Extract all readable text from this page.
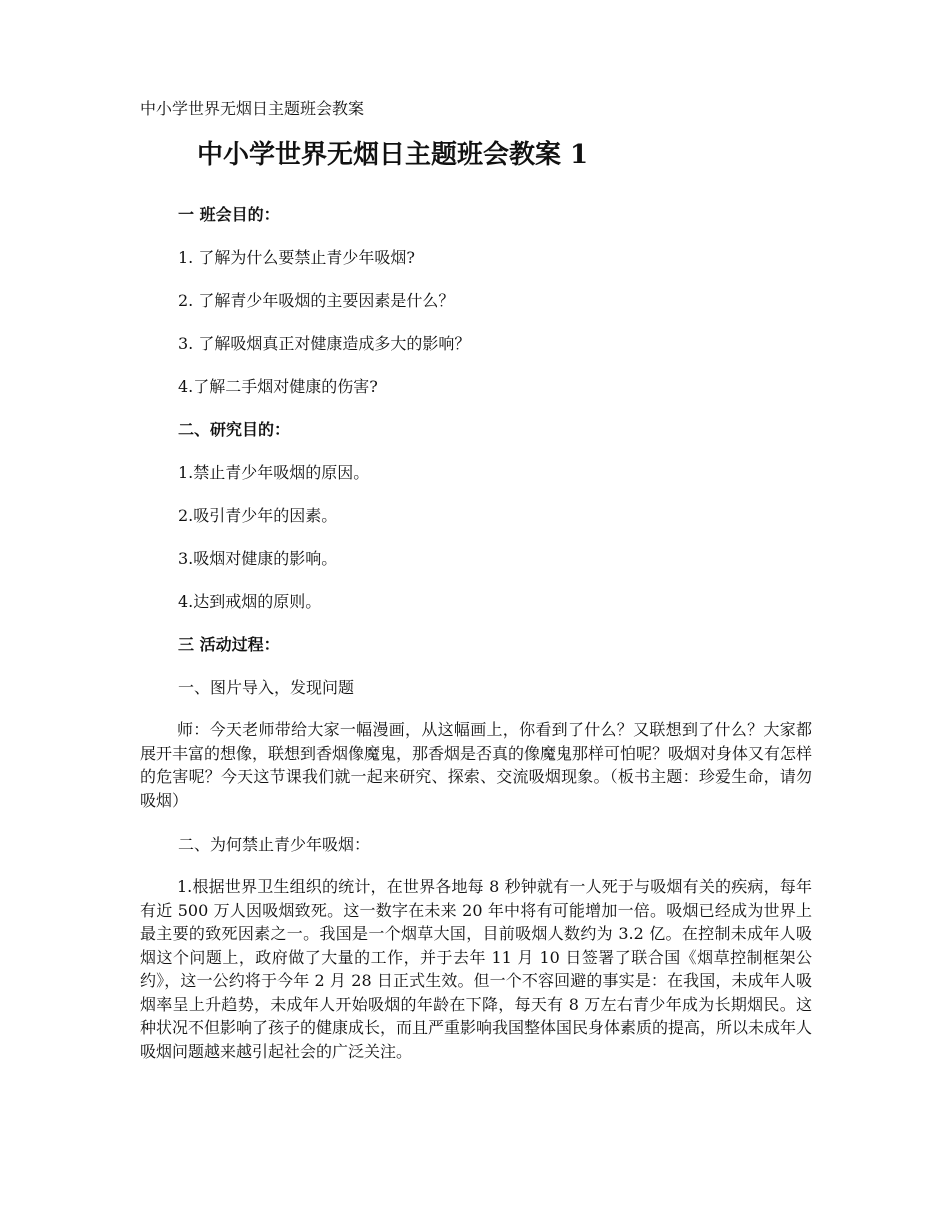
中小学世界无烟日主题班会教案
中小学世界无烟日主题班会教案 1
一 班会目的：
1. 了解为什么要禁止青少年吸烟?
2. 了解青少年吸烟的主要因素是什么？
3. 了解吸烟真正对健康造成多大的影响？
4.了解二手烟对健康的伤害?
二、研究目的：
1.禁止青少年吸烟的原因。
2.吸引青少年的因素。
3.吸烟对健康的影响。
4.达到戒烟的原则。
三 活动过程：
一、图片导入，发现问题

师：今天老师带给大家一幅漫画，从这幅画上，你看到了什么？又联想到了什么？大家都展开丰富的想像，联想到香烟像魔鬼，那香烟是否真的像魔鬼那样可怕呢？吸烟对身体又有怎样的危害呢？今天这节课我们就一起来研究、探索、交流吸烟现象。（板书主题：珍爱生命，请勿吸烟）

二、为何禁止青少年吸烟：

1.根据世界卫生组织的统计，在世界各地每 8 秒钟就有一人死于与吸烟有关的疾病，每年有近 500 万人因吸烟致死。这一数字在未来 20 年中将有可能增加一倍。吸烟已经成为世界上最主要的致死因素之一。我国是一个烟草大国，目前吸烟人数约为 3.2 亿。在控制未成年人吸烟这个问题上，政府做了大量的工作，并于去年 11 月 10 日签署了联合国《烟草控制框架公约》，这一公约将于今年 2 月 28 日正式生效。但一个不容回避的事实是：在我国，未成年人吸烟率呈上升趋势，未成年人开始吸烟的年龄在下降，每天有 8 万左右青少年成为长期烟民。这种状况不但影响了孩子的健康成长，而且严重影响我国整体国民身体素质的提高，所以未成年人吸烟问题越来越引起社会的广泛关注。
